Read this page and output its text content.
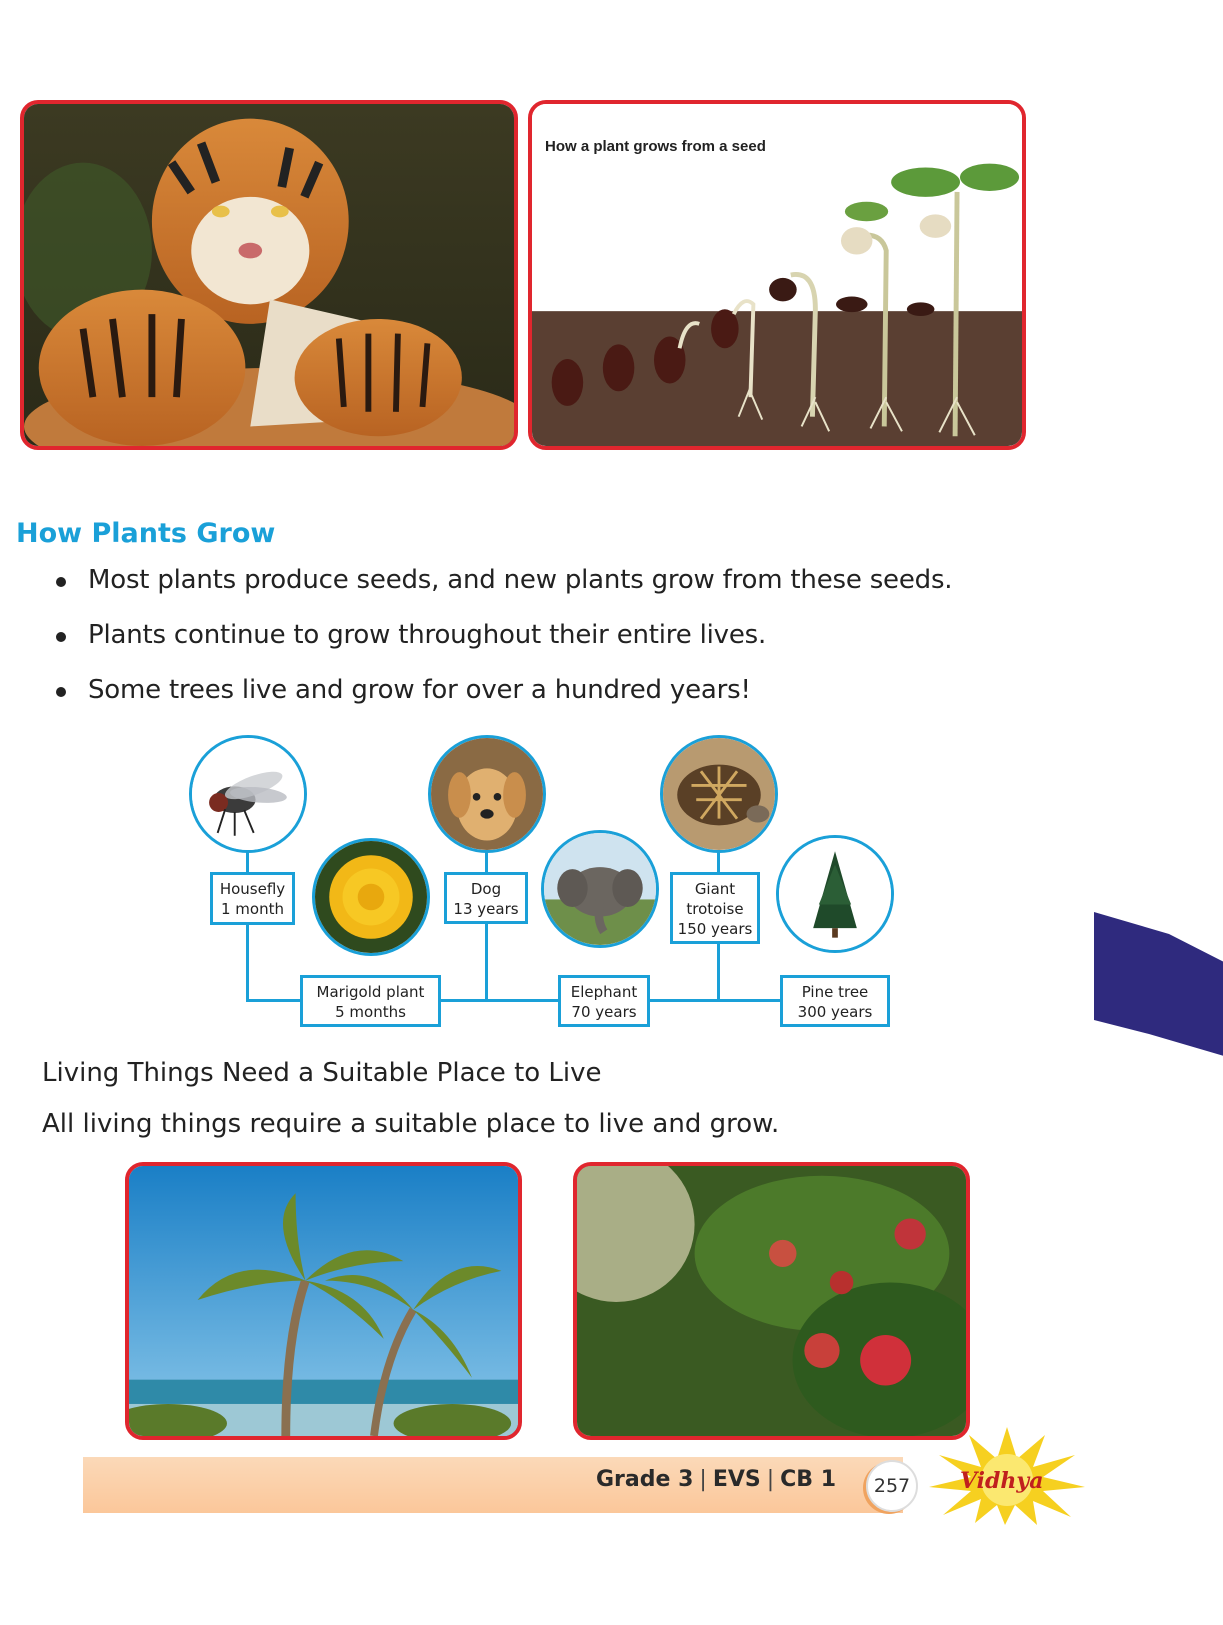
How a plant grows from a seed
How Plants Grow
Most plants produce seeds, and new plants grow from these seeds.
Plants continue to grow throughout their entire lives.
Some trees live and grow for over a hundred years!
Housefly
1 month
Dog
13 years
Giant
trotoise
150 years
Marigold plant
5 months
Elephant
70 years
Pine tree
300 years

Living Things Need a Suitable Place to Live

All living things require a suitable place to live and grow.

Grade 3 | EVS | CB 1	257	Vidhya
